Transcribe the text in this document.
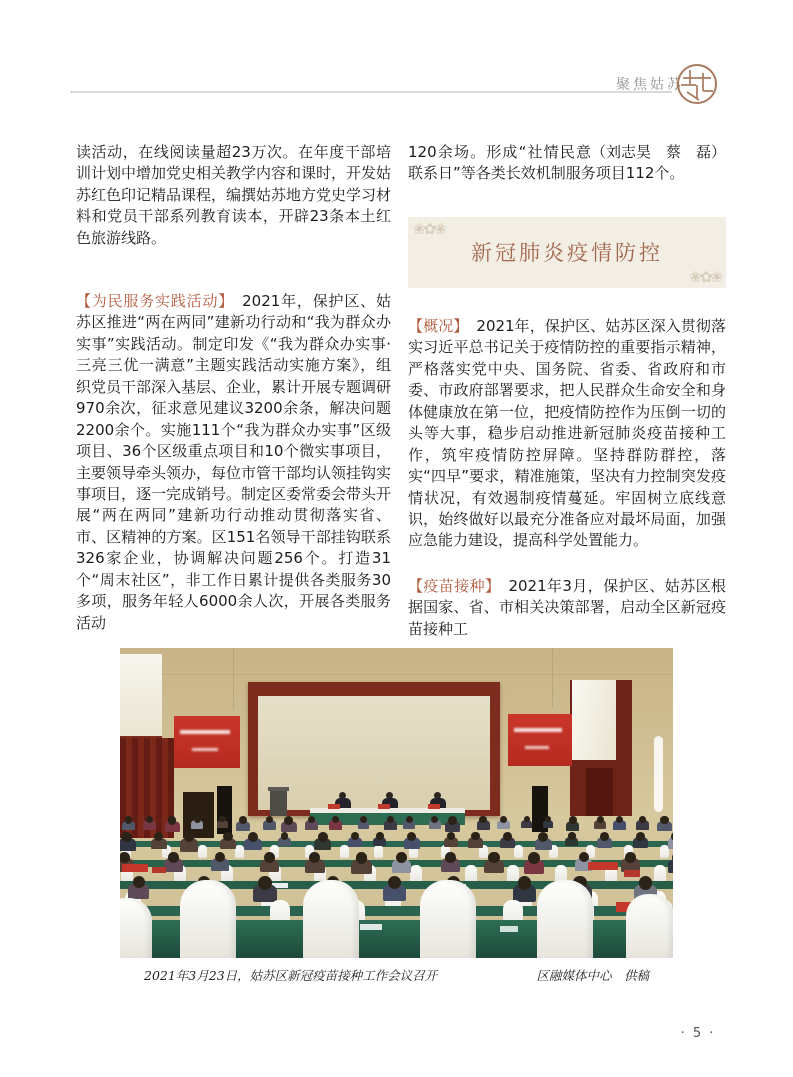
聚焦姑苏
读活动，在线阅读量超23万次。在年度干部培训计划中增加党史相关教学内容和课时，开发姑苏红色印记精品课程，编撰姑苏地方党史学习材料和党员干部系列教育读本，开辟23条本土红色旅游线路。
【为民服务实践活动】 2021年，保护区、姑苏区推进“两在两同”建新功行动和“我为群众办实事”实践活动。制定印发《“我为群众办实事·三亮三优一满意”主题实践活动实施方案》，组织党员干部深入基层、企业，累计开展专题调研970余次，征求意见建议3200余条，解决问题2200余个。实施111个“我为群众办实事”区级项目、36个区级重点项目和10个微实事项目，主要领导牵头领办，每位市管干部均认领挂钩实事项目，逐一完成销号。制定区委常委会带头开展“两在两同”建新功行动推动贯彻落实省、市、区精神的方案。区151名领导干部挂钩联系326家企业，协调解决问题256个。打造31个“周末社区”，非工作日累计提供各类服务30多项，服务年轻人6000余人次，开展各类服务活动
（刘志昊　蔡　磊）
120余场。形成“社情民意联系日”等各类长效机制服务项目112个。
❀✿❀
新冠肺炎疫情防控
❀✿❀
【概况】 2021年，保护区、姑苏区深入贯彻落实习近平总书记关于疫情防控的重要指示精神，严格落实党中央、国务院、省委、省政府和市委、市政府部署要求，把人民群众生命安全和身体健康放在第一位，把疫情防控作为压倒一切的头等大事，稳步启动推进新冠肺炎疫苗接种工作，筑牢疫情防控屏障。坚持群防群控，落实“四早”要求，精准施策，坚决有力控制突发疫情状况，有效遏制疫情蔓延。牢固树立底线意识，始终做好以最充分准备应对最坏局面，加强应急能力建设，提高科学处置能力。
【疫苗接种】 2021年3月，保护区、姑苏区根据国家、省、市相关决策部署，启动全区新冠疫苗接种工
2021年3月23日，姑苏区新冠疫苗接种工作会议召开	区融媒体中心　供稿
· 5 ·
